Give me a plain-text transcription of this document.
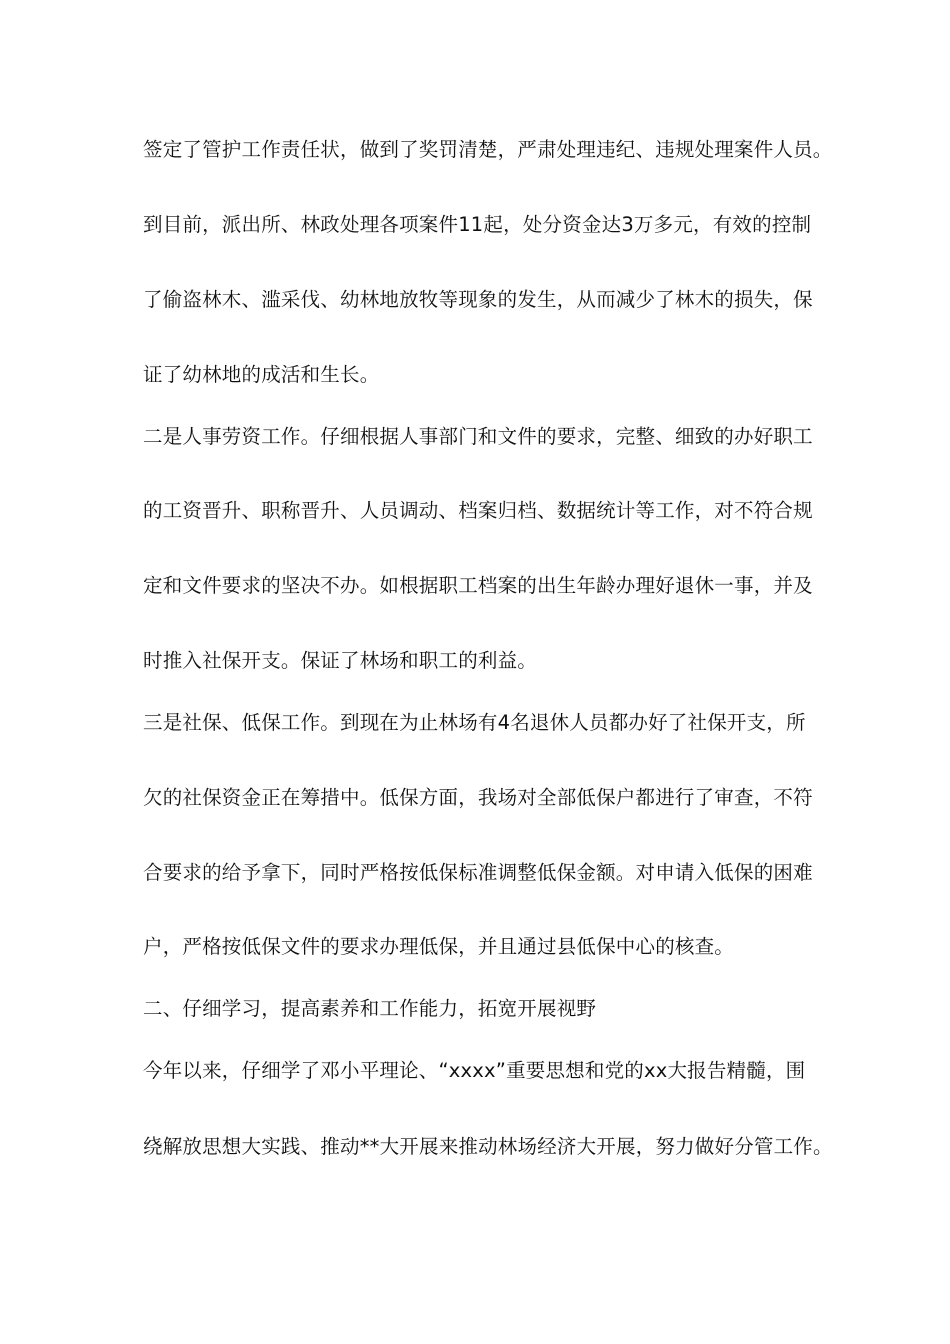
签定了管护工作责任状，做到了奖罚清楚，严肃处理违纪、违规处理案件人员。

到目前，派出所、林政处理各项案件11起，处分资金达3万多元，有效的控制

了偷盗林木、滥采伐、幼林地放牧等现象的发生，从而减少了林木的损失，保

证了幼林地的成活和生长。

二是人事劳资工作。仔细根据人事部门和文件的要求，完整、细致的办好职工

的工资晋升、职称晋升、人员调动、档案归档、数据统计等工作，对不符合规

定和文件要求的坚决不办。如根据职工档案的出生年龄办理好退休一事，并及

时推入社保开支。保证了林场和职工的利益。

三是社保、低保工作。到现在为止林场有4名退休人员都办好了社保开支，所

欠的社保资金正在筹措中。低保方面，我场对全部低保户都进行了审查，不符

合要求的给予拿下，同时严格按低保标准调整低保金额。对申请入低保的困难

户，严格按低保文件的要求办理低保，并且通过县低保中心的核查。

二、仔细学习，提高素养和工作能力，拓宽开展视野

今年以来，仔细学了邓小平理论、“xxxx”重要思想和党的xx大报告精髓，围

绕解放思想大实践、推动**大开展来推动林场经济大开展，努力做好分管工作。
